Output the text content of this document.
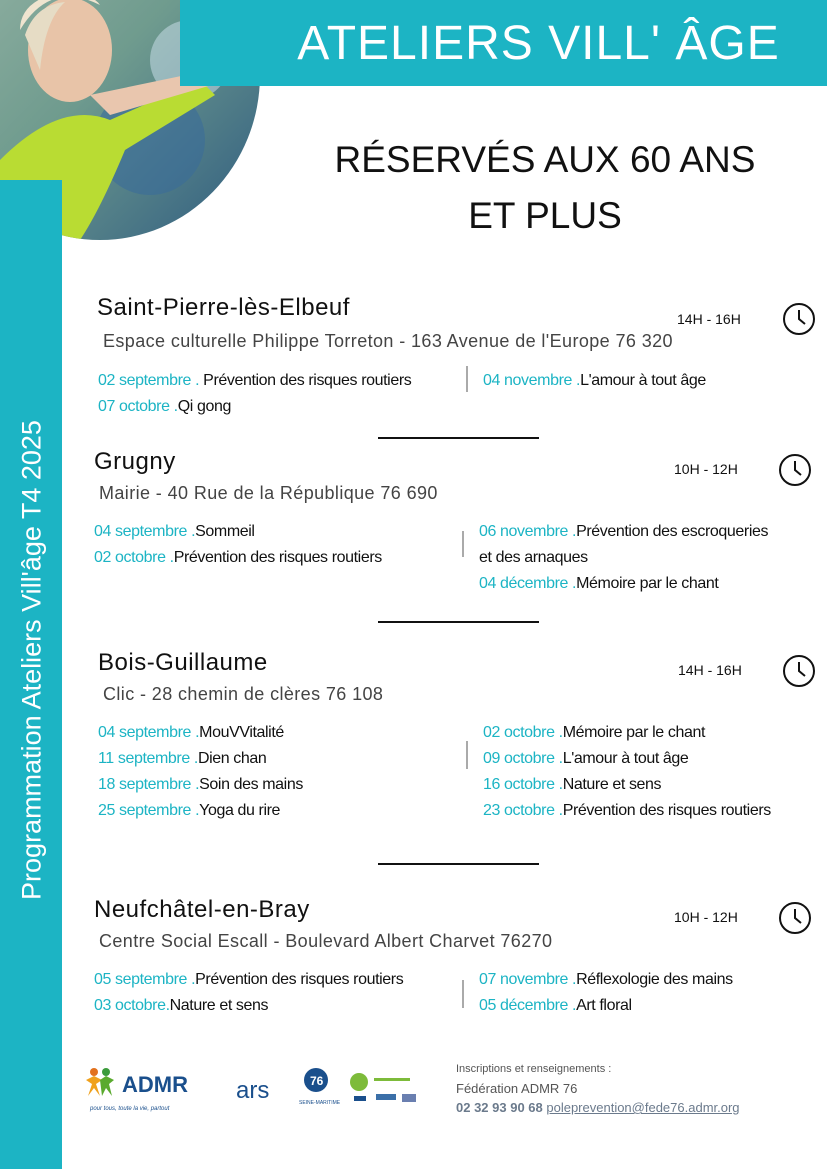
ATELIERS VILL' ÂGE
Programmation Ateliers Vill'âge T4 2025
RÉSERVÉS AUX 60 ANS
ET PLUS
Saint-Pierre-lès-Elbeuf
Espace culturelle Philippe Torreton - 163 Avenue de l'Europe 76 320
14H - 16H
02 septembre . Prévention des risques routiers
07 octobre .Qi gong
04 novembre .L'amour à tout âge
Grugny
Mairie - 40 Rue de la République 76 690
10H - 12H
04 septembre .Sommeil
02 octobre .Prévention des risques routiers
06 novembre .Prévention des escroqueries
et des arnaques
04 décembre .Mémoire par le chant
Bois-Guillaume
Clic - 28 chemin de clères 76 108
14H - 16H
04 septembre .MouVVitalité
11 septembre .Dien chan
18 septembre .Soin des mains
25 septembre .Yoga du rire
02 octobre .Mémoire par le chant
09 octobre .L'amour à tout âge
16 octobre .Nature et sens
23 octobre .Prévention des risques routiers
Neufchâtel-en-Bray
Centre Social Escall - Boulevard Albert Charvet 76270
10H - 12H
05 septembre .Prévention des risques routiers
03 octobre.Nature et sens
07 novembre .Réflexologie des mains
05 décembre .Art floral
ADMR
pour tous, toute la vie, partout
ars	76
SEINE-MARITIME
Inscriptions et renseignements :
Fédération ADMR 76
02 32 93 90 68 poleprevention@fede76.admr.org
